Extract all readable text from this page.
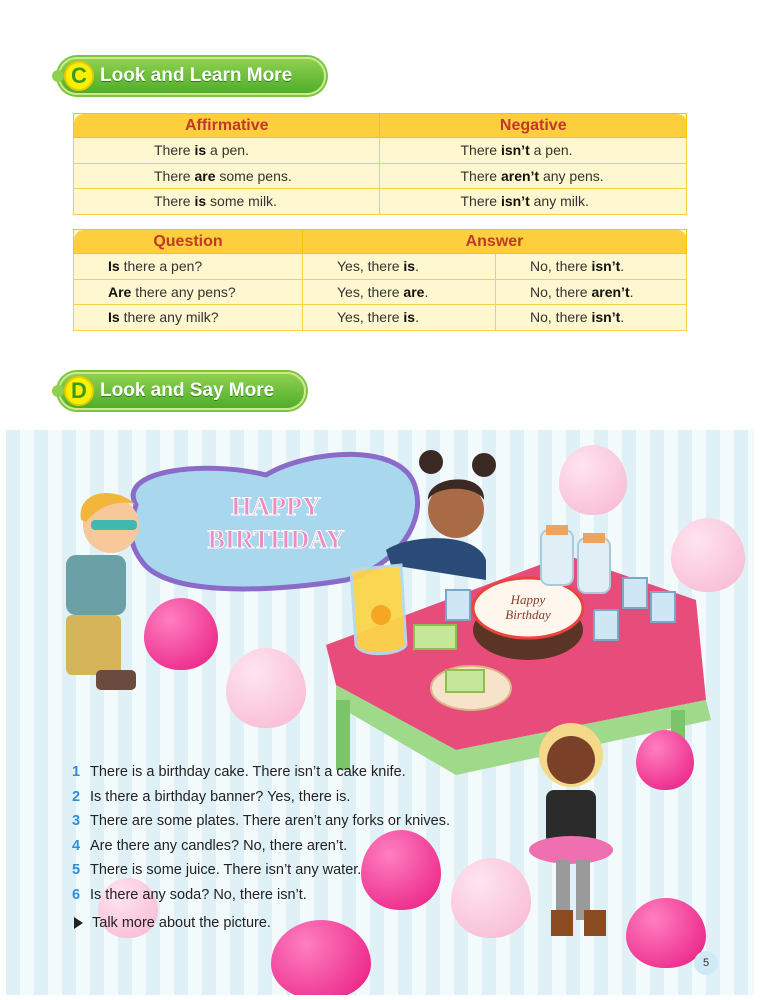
C Look and Learn More
Affirmative	Negative
There is a pen.	There isn’t a pen.
There are some pens.	There aren’t any pens.
There is some milk.	There isn’t any milk.
Question	Answer	
Is there a pen?	Yes, there is.	No, there isn’t.
Are there any pens?	Yes, there are.	No, there aren’t.
Is there any milk?	Yes, there is.	No, there isn’t.
D Look and Say More
HAPPY
BIRTHDAY
Happy
Birthday
1 There is a birthday cake. There isn’t a cake knife.
2 Is there a birthday banner? Yes, there is.
3 There are some plates. There aren’t any forks or knives.
4 Are there any candles? No, there aren’t.
5 There is some juice. There isn’t any water.
6 Is there any soda? No, there isn’t.
Talk more about the picture.
5
